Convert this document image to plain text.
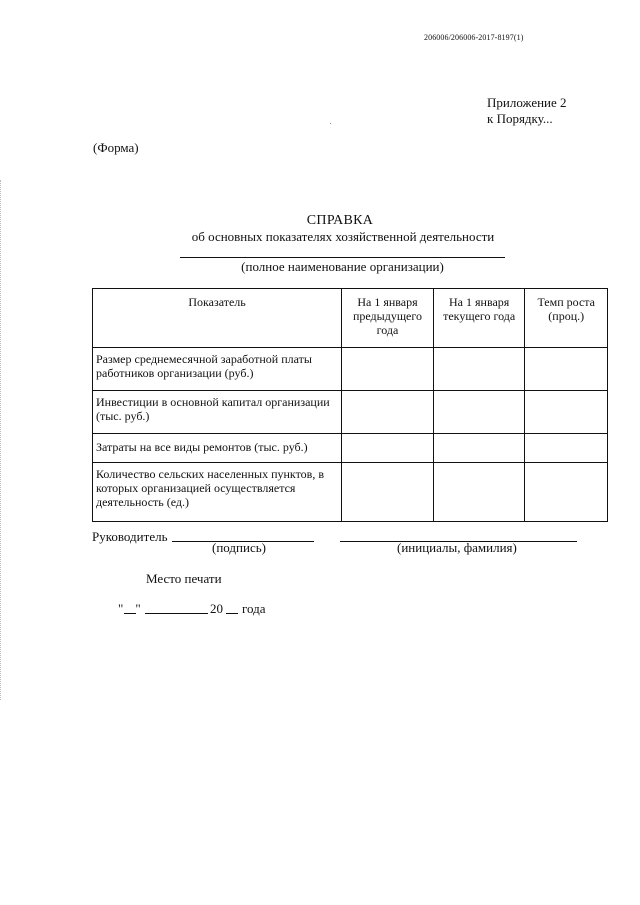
206006/206006-2017-8197(1)
Приложение 2
к Порядку...
(Форма)
СПРАВКА
об основных показателях хозяйственной деятельности
(полное наименование организации)
Показатель	На 1 января предыдущего года	На 1 января текущего года	Темп роста (проц.)
Размер среднемесячной заработной платы работников организации (руб.)			
Инвестиции в основной капитал организации (тыс. руб.)			
Затраты на все виды ремонтов (тыс. руб.)			
Количество сельских населенных пунктов, в которых организацией осуществляется деятельность (ед.)			
Руководитель
(подпись)	(инициалы, фамилия)
Место печати
" "	20 года
